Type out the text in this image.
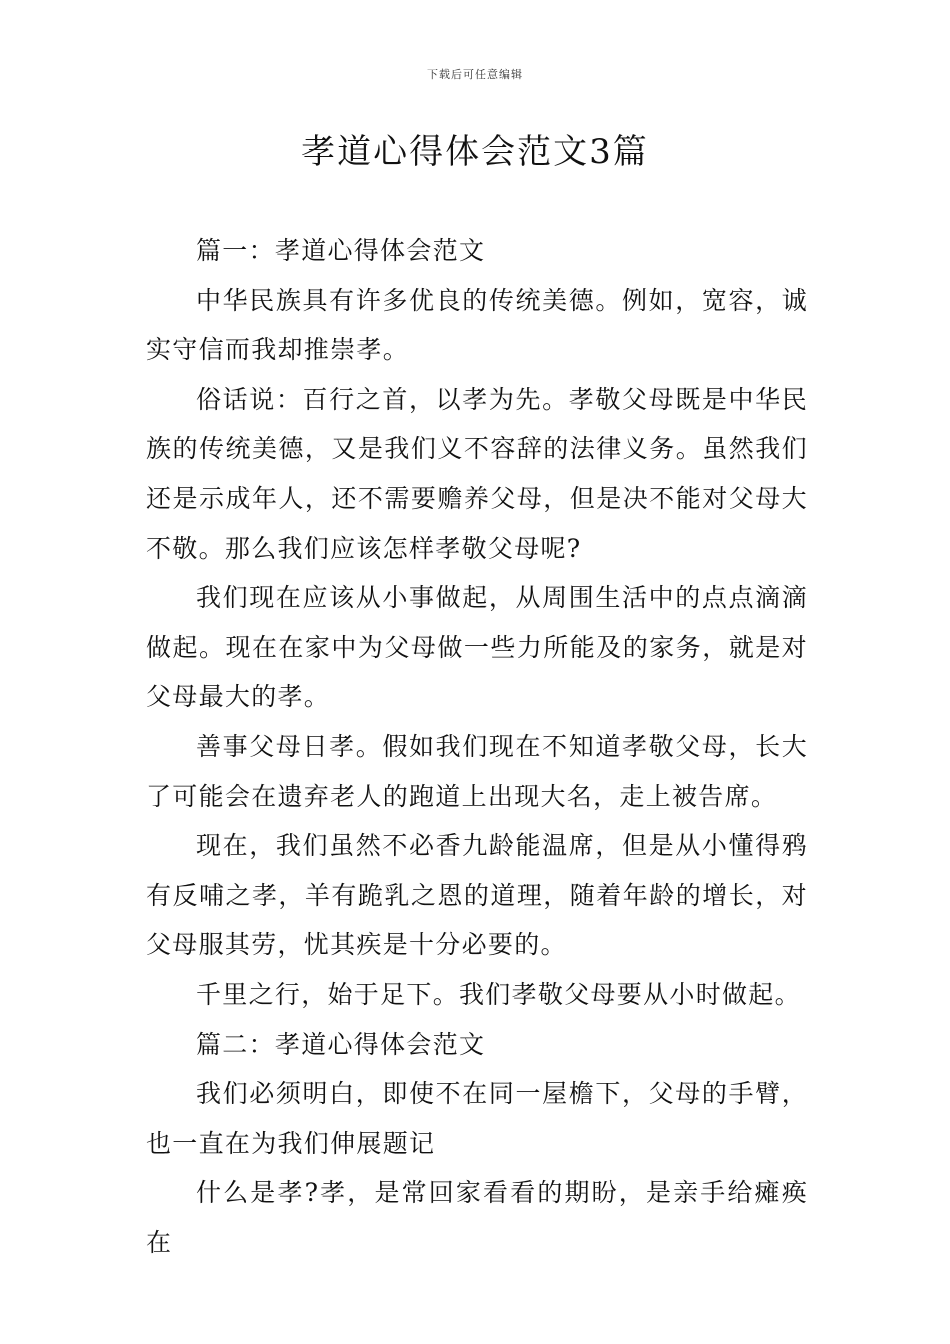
下载后可任意编辑
孝道心得体会范文3篇

篇一：孝道心得体会范文

中华民族具有许多优良的传统美德。例如，宽容，诚实守信而我却推崇孝。

俗话说：百行之首，以孝为先。孝敬父母既是中华民族的传统美德，又是我们义不容辞的法律义务。虽然我们还是示成年人，还不需要赡养父母，但是决不能对父母大不敬。那么我们应该怎样孝敬父母呢?

我们现在应该从小事做起，从周围生活中的点点滴滴做起。现在在家中为父母做一些力所能及的家务，就是对父母最大的孝。

善事父母日孝。假如我们现在不知道孝敬父母，长大了可能会在遗弃老人的跑道上出现大名，走上被告席。

现在，我们虽然不必香九龄能温席，但是从小懂得鸦有反哺之孝，羊有跪乳之恩的道理，随着年龄的增长，对父母服其劳，忧其疾是十分必要的。

千里之行，始于足下。我们孝敬父母要从小时做起。

篇二：孝道心得体会范文

我们必须明白，即使不在同一屋檐下，父母的手臂，也一直在为我们伸展题记

什么是孝?孝，是常回家看看的期盼，是亲手给瘫痪在
